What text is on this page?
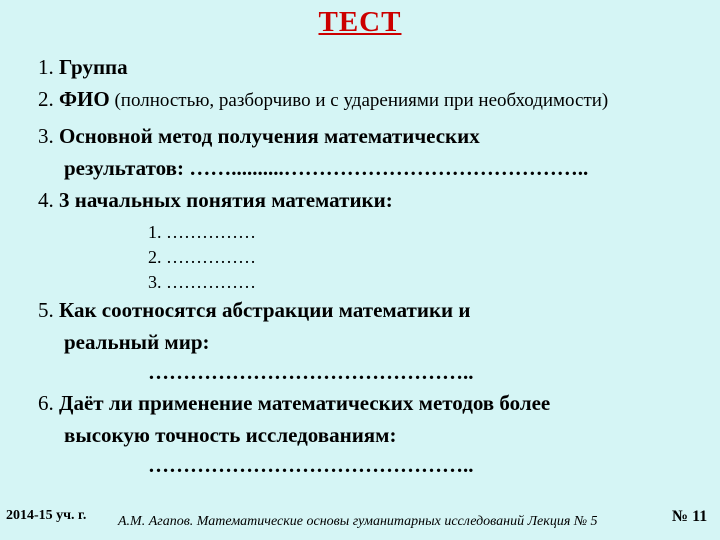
ТЕСТ
1. Группа
2. ФИО (полностью, разборчиво и с ударениями при необходимости)
3. Основной метод получения математических
результатов: ……..........……………………………………..
4. 3 начальных понятия математики:
1. ……………
2. ……………
3. ……………
5. Как соотносятся абстракции математики и
реальный мир:
………………………………………..
6. Даёт ли применение математических методов более
высокую точность исследованиям:
………………………………………..
2014-15 уч. г. А.М. Агапов. Математические основы гуманитарных исследований Лекция № 5	№ 11
